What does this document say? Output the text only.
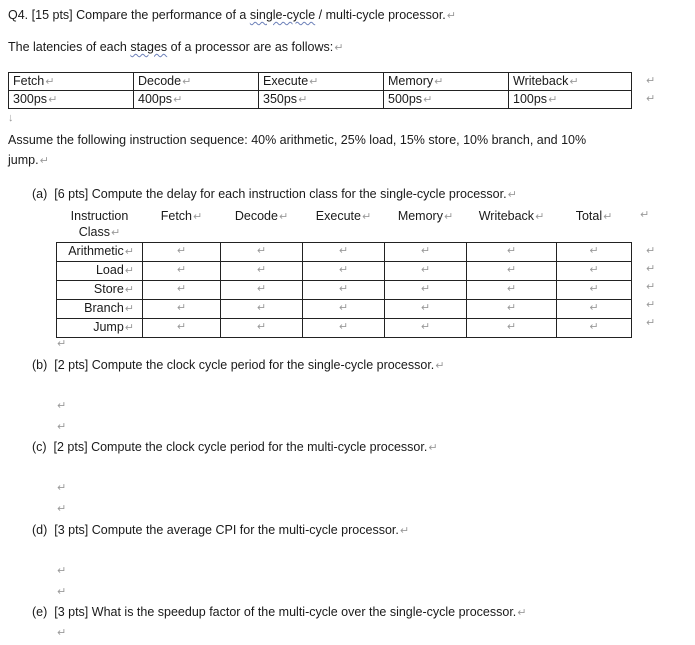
Q4. [15 pts] Compare the performance of a single-cycle / multi-cycle processor.↵
The latencies of each stages of a processor are as follows:↵
Fetch↵	Decode↵	Execute↵	Memory↵	Writeback↵
300ps↵	400ps↵	350ps↵	500ps↵	100ps↵
↵
↵
↓
Assume the following instruction sequence: 40% arithmetic, 25% load, 15% store, 10% branch, and 10%
jump.↵
(a) [6 pts] Compute the delay for each instruction class for the single-cycle processor.↵
Instruction
Class↵	Fetch↵	Decode↵	Execute↵	Memory↵	Writeback↵	Total↵
Arithmetic↵	↵	↵	↵	↵	↵	↵
Load↵	↵	↵	↵	↵	↵	↵
Store↵	↵	↵	↵	↵	↵	↵
Branch↵	↵	↵	↵	↵	↵	↵
Jump↵	↵	↵	↵	↵	↵	↵
↵
↵
↵
↵
↵
↵
↵
(b) [2 pts] Compute the clock cycle period for the single-cycle processor.↵
↵
↵
(c) [2 pts] Compute the clock cycle period for the multi-cycle processor.↵
↵
↵
(d) [3 pts] Compute the average CPI for the multi-cycle processor.↵
↵
↵
(e) [3 pts] What is the speedup factor of the multi-cycle over the single-cycle processor.↵
↵
